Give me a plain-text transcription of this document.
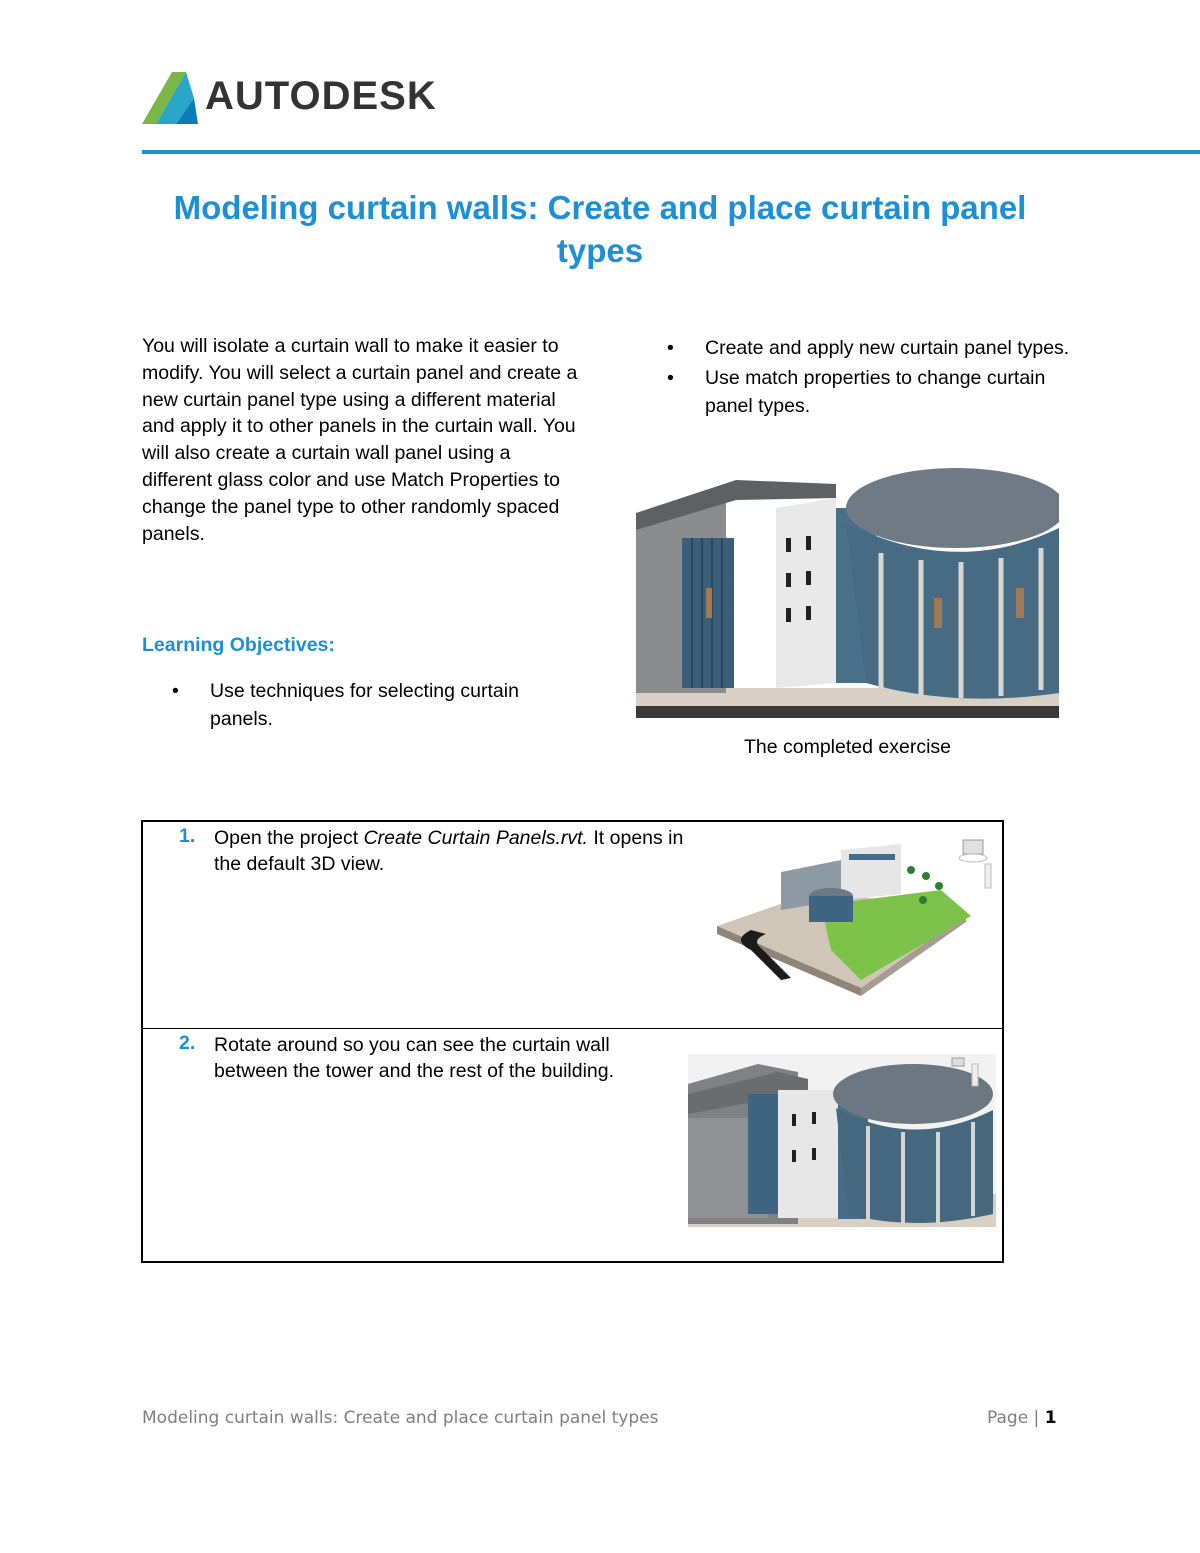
AUTODESK
Modeling curtain walls: Create and place curtain panel
types
You will isolate a curtain wall to make it easier to modify. You will select a curtain panel and create a new curtain panel type using a different material and apply it to other panels in the curtain wall. You will also create a curtain wall panel using a different glass color and use Match Properties to change the panel type to other randomly spaced panels.
Learning Objectives:
• Use techniques for selecting curtain panels.
• Create and apply new curtain panel types.
• Use match properties to change curtain panel types.
The completed exercise
1. Open the project Create Curtain Panels.rvt. It opens in the default 3D view.
2. Rotate around so you can see the curtain wall between the tower and the rest of the building.
Modeling curtain walls: Create and place curtain panel types	Page | 1
